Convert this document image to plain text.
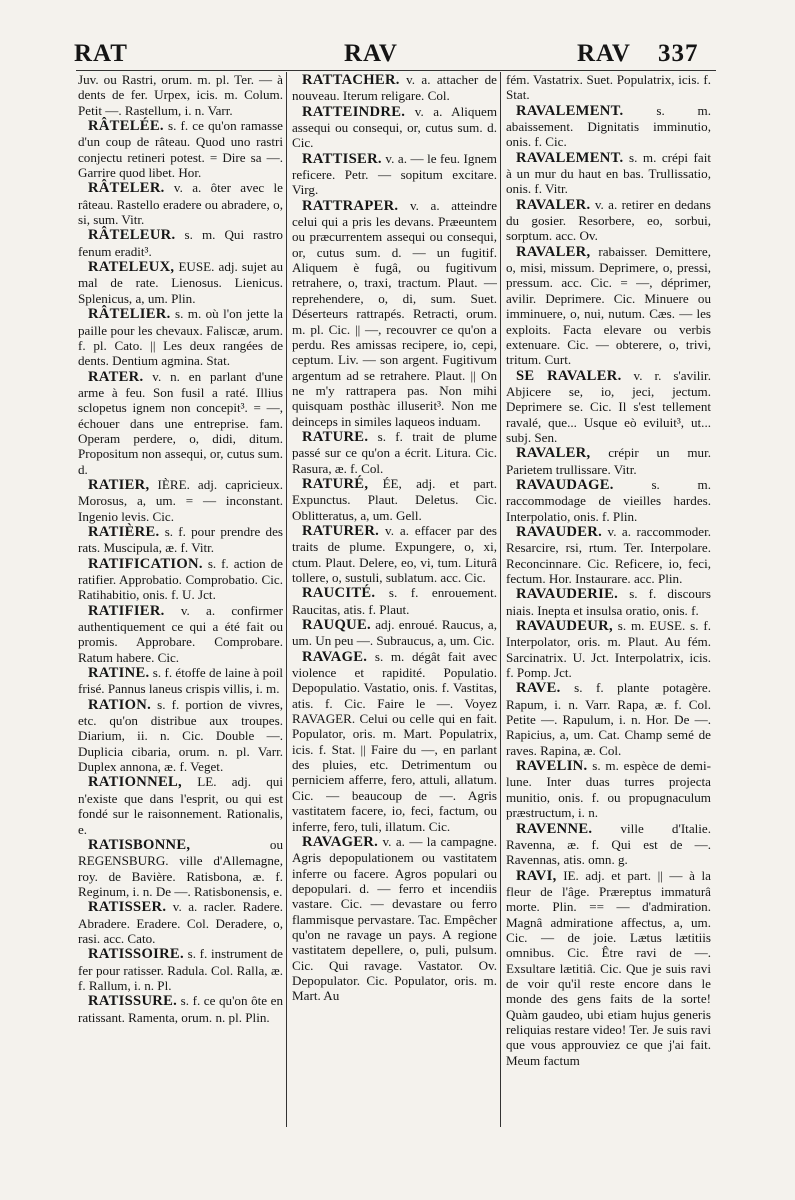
RAT	RAV	RAV 337

Juv. ou Rastri, orum. m. pl. Ter. — à dents de fer. Urpex, icis. m. Colum. Petit —. Rastellum, i. n. Varr.

RÂTELÉE. s. f. ce qu'on ramasse d'un coup de râteau. Quod uno rastri conjectu retineri potest. = Dire sa —. Garrire quod libet. Hor.

RÂTELER. v. a. ôter avec le râteau. Rastello eradere ou abradere, o, si, sum. Vitr.

RÂTELEUR. s. m. Qui rastro fenum eradit³.

RATELEUX, EUSE. adj. sujet au mal de rate. Lienosus. Lienicus. Splenicus, a, um. Plin.

RÂTELIER. s. m. où l'on jette la paille pour les chevaux. Faliscæ, arum. f. pl. Cato. || Les deux rangées de dents. Dentium agmina. Stat.

RATER. v. n. en parlant d'une arme à feu. Son fusil a raté. Illius sclopetus ignem non concepit³. = —, échouer dans une entreprise. fam. Operam perdere, o, didi, ditum. Propositum non assequi, or, cutus sum. d.

RATIER, IÈRE. adj. capricieux. Morosus, a, um. = — inconstant. Ingenio levis. Cic.

RATIÈRE. s. f. pour prendre des rats. Muscipula, æ. f. Vitr.

RATIFICATION. s. f. action de ratifier. Approbatio. Comprobatio. Cic. Ratihabitio, onis. f. U. Jct.

RATIFIER. v. a. confirmer authentiquement ce qui a été fait ou promis. Approbare. Comprobare. Ratum habere. Cic.

RATINE. s. f. étoffe de laine à poil frisé. Pannus laneus crispis villis, i. m.

RATION. s. f. portion de vivres, etc. qu'on distribue aux troupes. Diarium, ii. n. Cic. Double —. Duplicia cibaria, orum. n. pl. Varr. Duplex annona, æ. f. Veget.

RATIONNEL, LE. adj. qui n'existe que dans l'esprit, ou qui est fondé sur le raisonnement. Rationalis, e.

RATISBONNE,	ou REGENSBURG. ville d'Allemagne, roy. de Bavière. Ratisbona, æ. f. Reginum, i. n. De —. Ratisbonensis, e.

RATISSER. v. a. racler. Radere. Abradere. Eradere. Col. Deradere, o, rasi. acc. Cato.

RATISSOIRE. s. f. instrument de fer pour ratisser. Radula. Col. Ralla, æ. f. Rallum, i. n. Pl.

RATISSURE. s. f. ce qu'on ôte en ratissant. Ramenta, orum. n. pl. Plin.

RATTACHER. v. a. attacher de nouveau. Iterum religare. Col.

RATTEINDRE. v. a. Aliquem assequi ou consequi, or, cutus sum. d. Cic.

RATTISER. v. a. — le feu. Ignem reficere. Petr. — sopitum excitare. Virg.

RATTRAPER. v. a. atteindre celui qui a pris les devans. Præeuntem ou præcurrentem assequi ou consequi, or, cutus sum. d. — un fugitif. Aliquem è fugâ, ou fugitivum retrahere, o, traxi, tractum. Plaut. — reprehendere, o, di, sum. Suet. Déserteurs rattrapés. Retracti, orum. m. pl. Cic. || —, recouvrer ce qu'on a perdu. Res amissas recipere, io, cepi, ceptum. Liv. — son argent. Fugitivum argentum ad se retrahere. Plaut. || On ne m'y rattrapera pas. Non mihi quisquam posthàc illuserit³. Non me deinceps in similes laqueos induam.

RATURE. s. f. trait de plume passé sur ce qu'on a écrit. Litura. Cic. Rasura, æ. f. Col.

RATURÉ, ÉE, adj. et part. Expunctus. Plaut. Deletus. Cic. Oblitteratus, a, um. Gell.

RATURER. v. a. effacer par des traits de plume. Expungere, o, xi, ctum. Plaut. Delere, eo, vi, tum. Liturâ tollere, o, sustuli, sublatum. acc. Cic.

RAUCITÉ. s. f. enrouement. Raucitas, atis. f. Plaut.

RAUQUE. adj. enroué. Raucus, a, um. Un peu —. Subraucus, a, um. Cic.

RAVAGE. s. m. dégât fait avec violence et rapidité. Populatio. Depopulatio. Vastatio, onis. f. Vastitas, atis. f. Cic. Faire le —. Voyez RAVAGER. Celui ou celle qui en fait. Populator, oris. m. Mart. Populatrix, icis. f. Stat. || Faire du —, en parlant des pluies, etc. Detrimentum ou perniciem afferre, fero, attuli, allatum. Cic. — beaucoup de —. Agris vastitatem facere, io, feci, factum, ou inferre, fero, tuli, illatum. Cic.

RAVAGER. v. a. — la campagne. Agris depopulationem ou vastitatem inferre ou facere. Agros populari ou depopulari. d. — ferro et incendiis vastare. Cic. — devastare ou ferro flammisque pervastare. Tac. Empêcher qu'on ne ravage un pays. A regione vastitatem depellere, o, puli, pulsum. Cic. Qui ravage. Vastator. Ov. Depopulator. Cic. Populator, oris. m. Mart. Au

fém. Vastatrix. Suet. Populatrix, icis. f. Stat.

RAVALEMENT.	s. m. abaissement. Dignitatis imminutio, onis. f. Cic.

RAVALEMENT. s. m. crépi fait à un mur du haut en bas. Trullissatio, onis. f. Vitr.

RAVALER. v. a. retirer en dedans du gosier. Resorbere, eo, sorbui, sorptum. acc. Ov.

RAVALER, rabaisser. Demittere, o, misi, missum. Deprimere, o, pressi, pressum. acc. Cic. = —, déprimer, avilir. Deprimere. Cic. Minuere ou imminuere, o, nui, nutum. Cæs. — les exploits. Facta elevare ou verbis extenuare. Cic. — obterere, o, trivi, tritum. Curt.

SE RAVALER. v. r. s'avilir. Abjicere se, io, jeci, jectum. Deprimere se. Cic. Il s'est tellement ravalé, que... Usque eò eviluit³, ut... subj. Sen.

RAVALER, crépir un mur. Parietem trullissare. Vitr.

RAVAUDAGE.	s. m. raccommodage de vieilles hardes. Interpolatio, onis. f. Plin.

RAVAUDER. v. a. raccommoder. Resarcire, rsi, rtum. Ter. Interpolare. Reconcinnare. Cic. Reficere, io, feci, fectum. Hor. Instaurare. acc. Plin.

RAVAUDERIE. s. f. discours niais. Inepta et insulsa oratio, onis. f.

RAVAUDEUR, s. m. EUSE. s. f. Interpolator, oris. m. Plaut. Au fém. Sarcinatrix. U. Jct. Interpolatrix, icis. f. Pomp. Jct.

RAVE. s. f. plante potagère. Rapum, i. n. Varr. Rapa, æ. f. Col. Petite —. Rapulum, i. n. Hor. De —. Rapicius, a, um. Cat. Champ semé de raves. Rapina, æ. Col.

RAVELIN. s. m. espèce de demi-lune. Inter duas turres projecta munitio, onis. f. ou propugnaculum præstructum, i. n.

RAVENNE. ville d'Italie. Ravenna, æ. f. Qui est de —. Ravennas, atis. omn. g.

RAVI, IE. adj. et part. || — à la fleur de l'âge. Præreptus immaturâ morte. Plin. == — d'admiration. Magnâ admiratione affectus, a, um. Cic. — de joie. Lætus lætitiis omnibus. Cic. Être ravi de —. Exsultare lætitiâ. Cic. Que je suis ravi de voir qu'il reste encore dans le monde des gens faits de la sorte! Quàm gaudeo, ubi etiam hujus generis reliquias restare video! Ter. Je suis ravi que vous approuviez ce que j'ai fait. Meum factum
